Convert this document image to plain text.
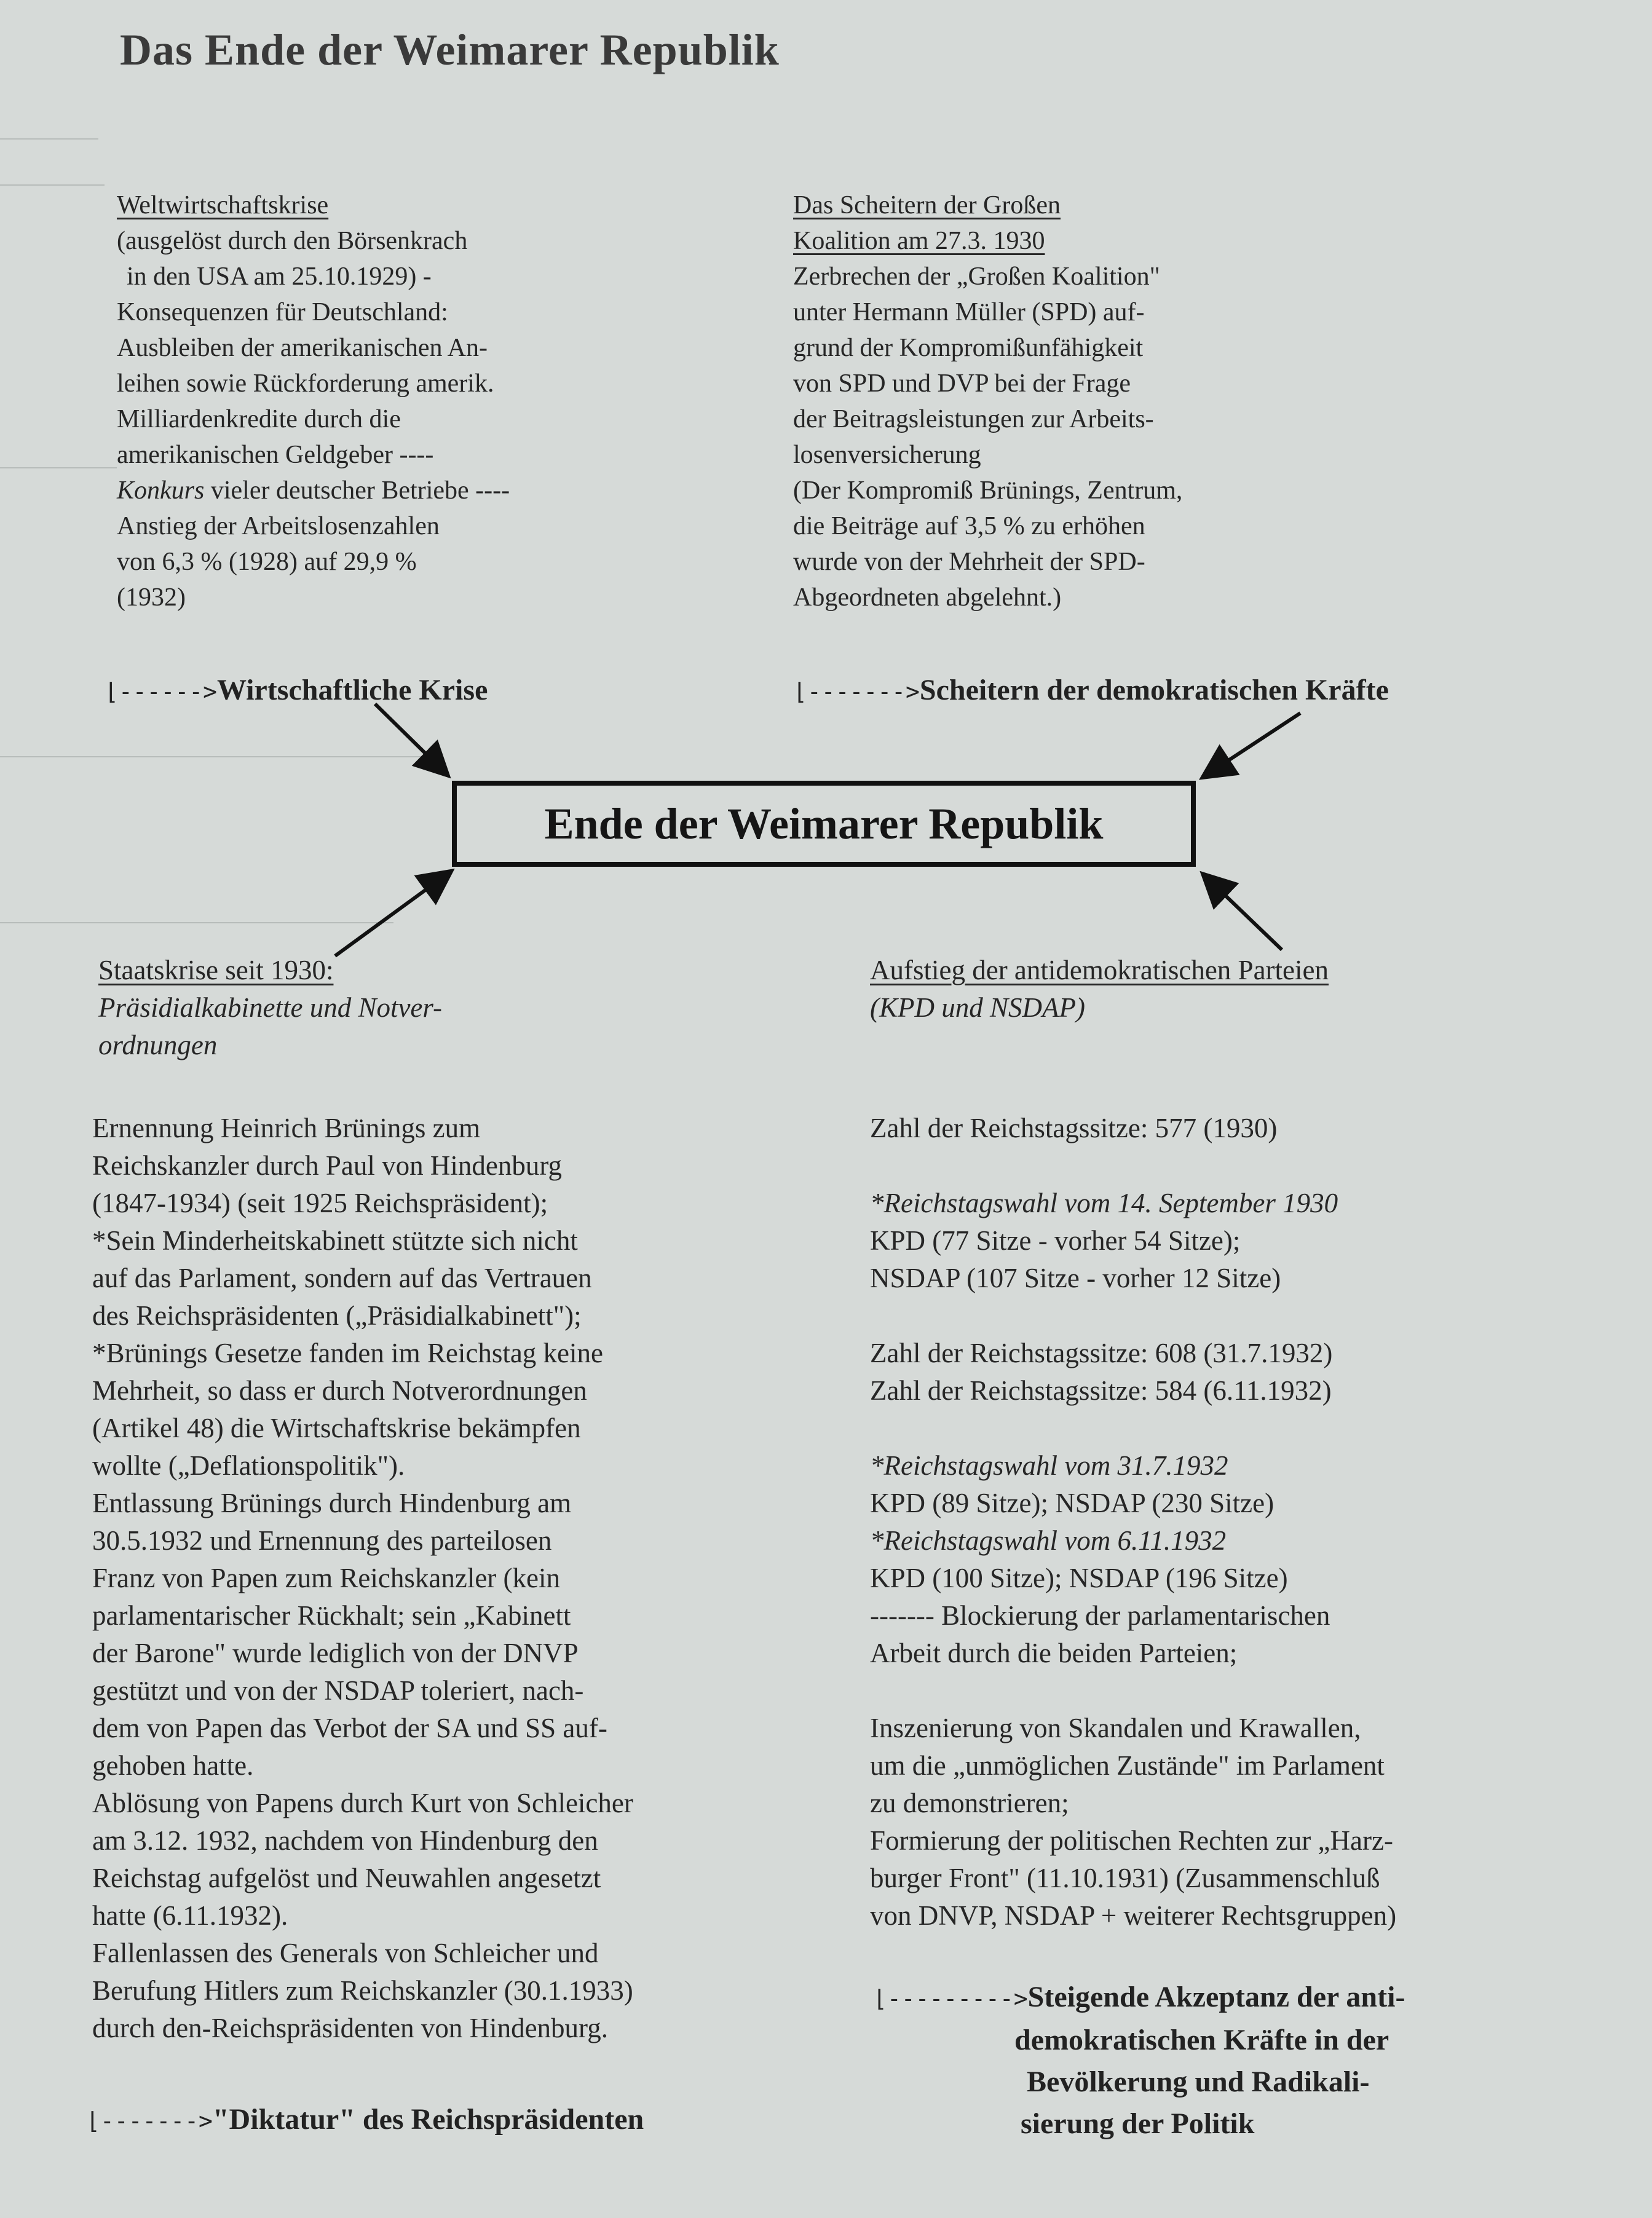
Das Ende der Weimarer Republik
Weltwirtschaftskrise
(ausgelöst durch den Börsenkrach
in den USA am 25.10.1929) -
Konsequenzen für Deutschland:
Ausbleiben der amerikanischen An-
leihen sowie Rückforderung amerik.
Milliardenkredite durch die
amerikanischen Geldgeber ----
Konkurs vieler deutscher Betriebe ----
Anstieg der Arbeitslosenzahlen
von 6,3 % (1928) auf 29,9 %
(1932)
⌊------>Wirtschaftliche Krise
Das Scheitern der Großen
Koalition am 27.3. 1930
Zerbrechen der „Großen Koalition"
unter Hermann Müller (SPD) auf-
grund der Kompromißunfähigkeit
von SPD und DVP bei der Frage
der Beitragsleistungen zur Arbeits-
losenversicherung
(Der Kompromiß Brünings, Zentrum,
die Beiträge auf 3,5 % zu erhöhen
wurde von der Mehrheit der SPD-
Abgeordneten abgelehnt.)
⌊------->Scheitern der demokratischen Kräfte
Ende der Weimarer Republik
Staatskrise seit 1930:
Präsidialkabinette und Notver-
ordnungen
Ernennung Heinrich Brünings zum
Reichskanzler durch Paul von Hindenburg
(1847-1934) (seit 1925 Reichspräsident);
*Sein Minderheitskabinett stützte sich nicht
auf das Parlament, sondern auf das Vertrauen
des Reichspräsidenten („Präsidialkabinett");
*Brünings Gesetze fanden im Reichstag keine
Mehrheit, so dass er durch Notverordnungen
(Artikel 48) die Wirtschaftskrise bekämpfen
wollte („Deflationspolitik").
Entlassung Brünings durch Hindenburg am
30.5.1932 und Ernennung des parteilosen
Franz von Papen zum Reichskanzler (kein
parlamentarischer Rückhalt; sein „Kabinett
der Barone" wurde lediglich von der DNVP
gestützt und von der NSDAP toleriert, nach-
dem von Papen das Verbot der SA und SS auf-
gehoben hatte.
Ablösung von Papens durch Kurt von Schleicher
am 3.12. 1932, nachdem von Hindenburg den
Reichstag aufgelöst und Neuwahlen angesetzt
hatte (6.11.1932).
Fallenlassen des Generals von Schleicher und
Berufung Hitlers zum Reichskanzler (30.1.1933)
durch den-Reichspräsidenten von Hindenburg.
⌊------->"Diktatur" des Reichspräsidenten
Aufstieg der antidemokratischen Parteien
(KPD und NSDAP)
Zahl der Reichstagssitze: 577 (1930)

*Reichstagswahl vom 14. September 1930
KPD (77 Sitze - vorher 54 Sitze);
NSDAP (107 Sitze - vorher 12 Sitze)

Zahl der Reichstagssitze: 608 (31.7.1932)
Zahl der Reichstagssitze: 584 (6.11.1932)

*Reichstagswahl vom 31.7.1932
KPD (89 Sitze); NSDAP (230 Sitze)
*Reichstagswahl vom 6.11.1932
KPD (100 Sitze); NSDAP (196 Sitze)
------- Blockierung der parlamentarischen
Arbeit durch die beiden Parteien;

Inszenierung von Skandalen und Krawallen,
um die „unmöglichen Zustände" im Parlament
zu demonstrieren;
Formierung der politischen Rechten zur „Harz-
burger Front" (11.10.1931) (Zusammenschluß
von DNVP, NSDAP + weiterer Rechtsgruppen)
⌊--------->Steigende Akzeptanz der anti-
demokratischen Kräfte in der
Bevölkerung und Radikali-
sierung der Politik
